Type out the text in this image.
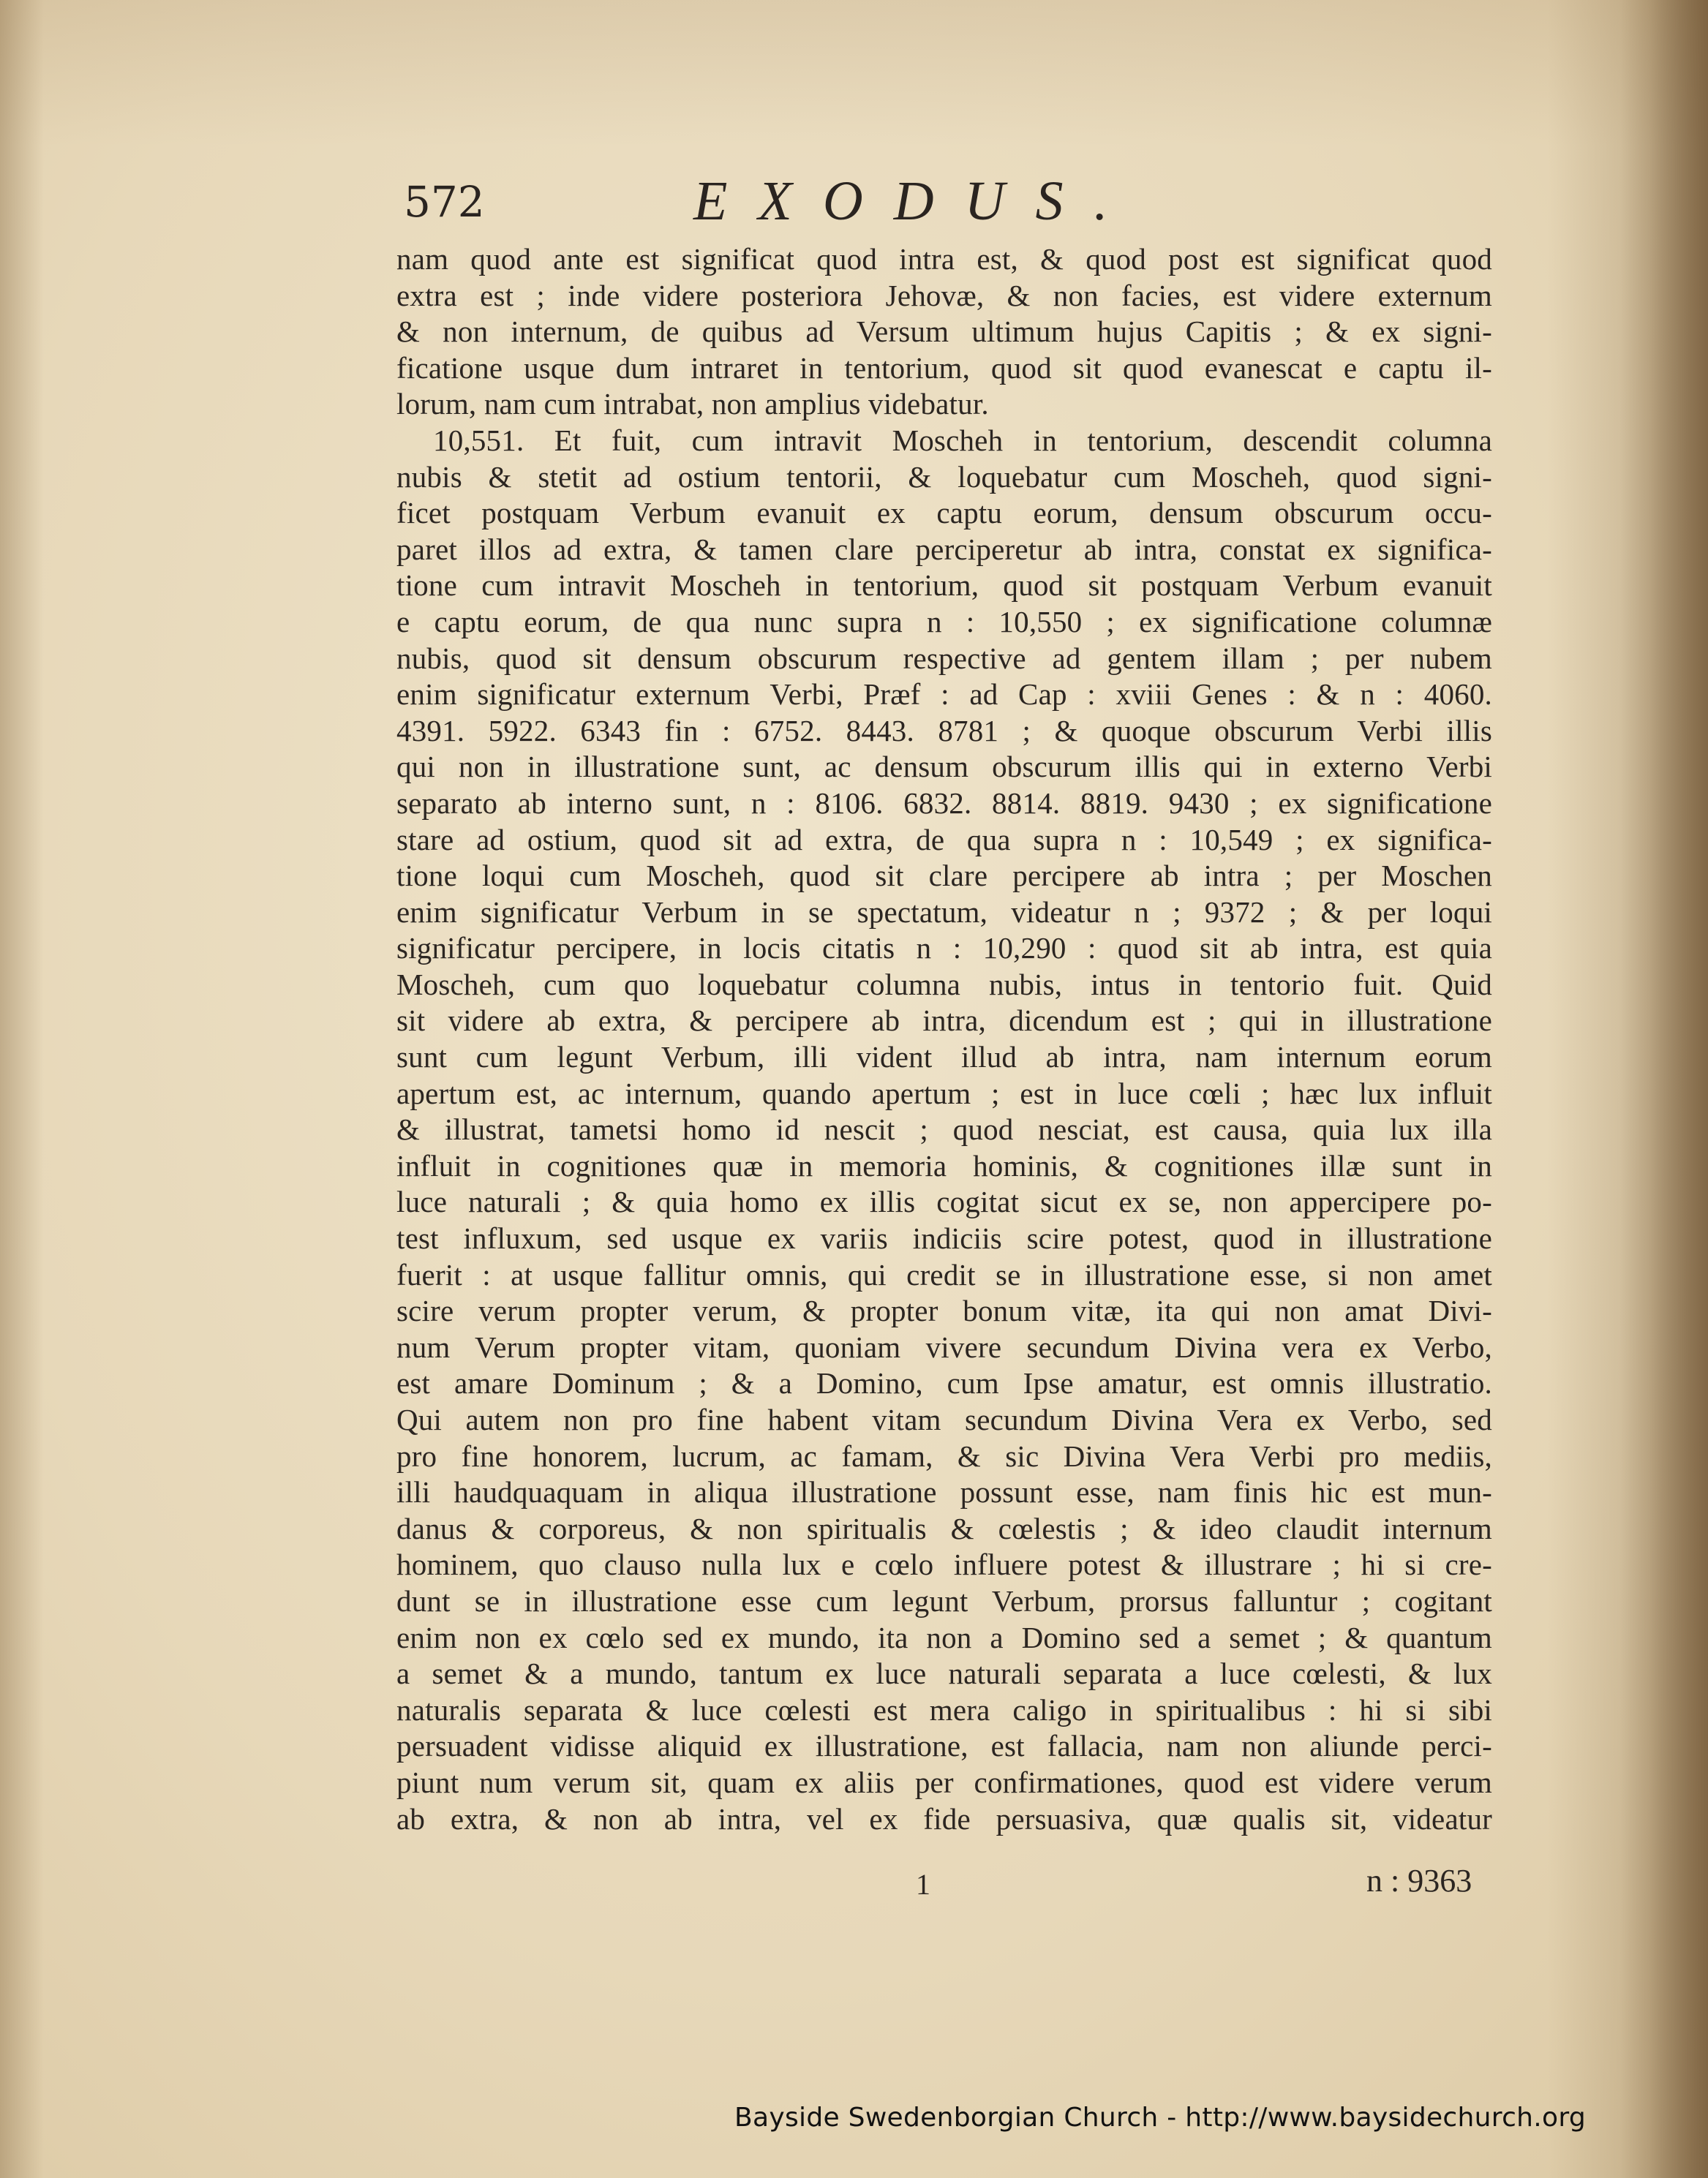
572	EXODUS.
nam quod ante est significat quod intra est, & quod post est significat quod
extra est ; inde videre posteriora Jehovæ, & non facies, est videre externum
& non internum, de quibus ad Versum ultimum hujus Capitis ; & ex signi-
ficatione usque dum intraret in tentorium, quod sit quod evanescat e captu il-
lorum, nam cum intrabat, non amplius videbatur.
10,551. Et fuit, cum intravit Moscheh in tentorium, descendit columna
nubis & stetit ad ostium tentorii, & loquebatur cum Moscheh, quod signi-
ficet postquam Verbum evanuit ex captu eorum, densum obscurum occu-
paret illos ad extra, & tamen clare perciperetur ab intra, constat ex significa-
tione cum intravit Moscheh in tentorium, quod sit postquam Verbum evanuit
e captu eorum, de qua nunc supra n : 10,550 ; ex significatione columnæ
nubis, quod sit densum obscurum respective ad gentem illam ; per nubem
enim significatur externum Verbi, Præf : ad Cap : xviii Genes : & n : 4060.
4391. 5922. 6343 fin : 6752. 8443. 8781 ; & quoque obscurum Verbi illis
qui non in illustratione sunt, ac densum obscurum illis qui in externo Verbi
separato ab interno sunt, n : 8106. 6832. 8814. 8819. 9430 ; ex significatione
stare ad ostium, quod sit ad extra, de qua supra n : 10,549 ; ex significa-
tione loqui cum Moscheh, quod sit clare percipere ab intra ; per Moschen
enim significatur Verbum in se spectatum, videatur n ; 9372 ; & per loqui
significatur percipere, in locis citatis n : 10,290 : quod sit ab intra, est quia
Moscheh, cum quo loquebatur columna nubis, intus in tentorio fuit. Quid
sit videre ab extra, & percipere ab intra, dicendum est ; qui in illustratione
sunt cum legunt Verbum, illi vident illud ab intra, nam internum eorum
apertum est, ac internum, quando apertum ; est in luce cœli ; hæc lux influit
& illustrat, tametsi homo id nescit ; quod nesciat, est causa, quia lux illa
influit in cognitiones quæ in memoria hominis, & cognitiones illæ sunt in
luce naturali ; & quia homo ex illis cogitat sicut ex se, non appercipere po-
test influxum, sed usque ex variis indiciis scire potest, quod in illustratione
fuerit : at usque fallitur omnis, qui credit se in illustratione esse, si non amet
scire verum propter verum, & propter bonum vitæ, ita qui non amat Divi-
num Verum propter vitam, quoniam vivere secundum Divina vera ex Verbo,
est amare Dominum ; & a Domino, cum Ipse amatur, est omnis illustratio.
Qui autem non pro fine habent vitam secundum Divina Vera ex Verbo, sed
pro fine honorem, lucrum, ac famam, & sic Divina Vera Verbi pro mediis,
illi haudquaquam in aliqua illustratione possunt esse, nam finis hic est mun-
danus & corporeus, & non spiritualis & cœlestis ; & ideo claudit internum
hominem, quo clauso nulla lux e cœlo influere potest & illustrare ; hi si cre-
dunt se in illustratione esse cum legunt Verbum, prorsus falluntur ; cogitant
enim non ex cœlo sed ex mundo, ita non a Domino sed a semet ; & quantum
a semet & a mundo, tantum ex luce naturali separata a luce cœlesti, & lux
naturalis separata & luce cœlesti est mera caligo in spiritualibus : hi si sibi
persuadent vidisse aliquid ex illustratione, est fallacia, nam non aliunde perci-
piunt num verum sit, quam ex aliis per confirmationes, quod est videre verum
ab extra, & non ab intra, vel ex fide persuasiva, quæ qualis sit, videatur
1	n : 9363
Bayside Swedenborgian Church - http://www.baysidechurch.org
